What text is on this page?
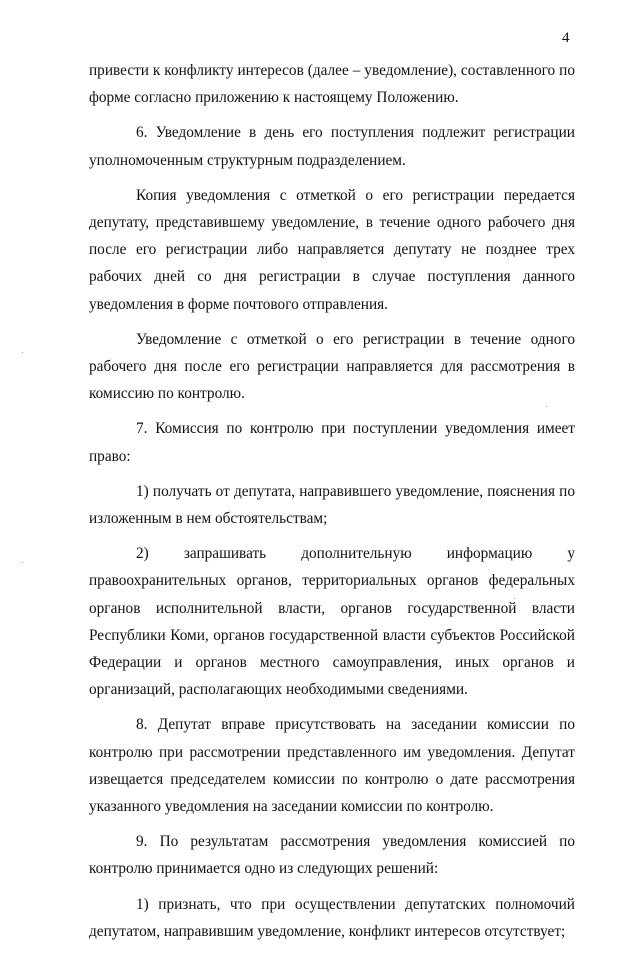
4

привести к конфликту интересов (далее – уведомление), составленного по форме согласно приложению к настоящему Положению.

6. Уведомление в день его поступления подлежит регистрации уполномоченным структурным подразделением.

Копия уведомления с отметкой о его регистрации передается депутату, представившему уведомление, в течение одного рабочего дня после его регистрации либо направляется депутату не позднее трех рабочих дней со дня регистрации в случае поступления данного уведомления в форме почтового отправления.

Уведомление с отметкой о его регистрации в течение одного рабочего дня после его регистрации направляется для рассмотрения в комиссию по контролю.

7. Комиссия по контролю при поступлении уведомления имеет право:

1) получать от депутата, направившего уведомление, пояснения по изложенным в нем обстоятельствам;

2) запрашивать дополнительную информацию у правоохранительных органов, территориальных органов федеральных органов исполнительной власти, органов государственной власти Республики Коми, органов государственной власти субъектов Российской Федерации и органов местного самоуправления, иных органов и организаций, располагающих необходимыми сведениями.

8. Депутат вправе присутствовать на заседании комиссии по контролю при рассмотрении представленного им уведомления. Депутат извещается председателем комиссии по контролю о дате рассмотрения указанного уведомления на заседании комиссии по контролю.

9. По результатам рассмотрения уведомления комиссией по контролю принимается одно из следующих решений:

1) признать, что при осуществлении депутатских полномочий депутатом, направившим уведомление, конфликт интересов отсутствует;
